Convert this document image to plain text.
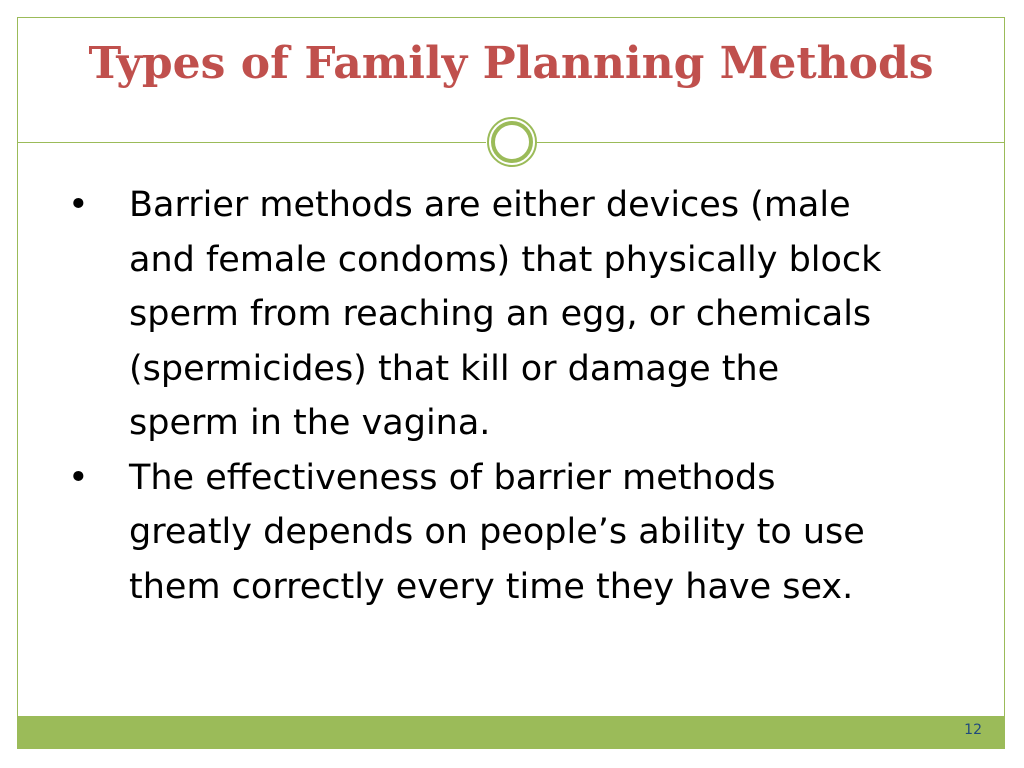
Types of Family Planning Methods
• Barrier methods are either devices (male and female condoms) that physically block sperm from reaching an egg, or chemicals (spermicides) that kill or damage the sperm in the vagina.
• The effectiveness of barrier methods greatly depends on people’s ability to use them correctly every time they have sex.
12
